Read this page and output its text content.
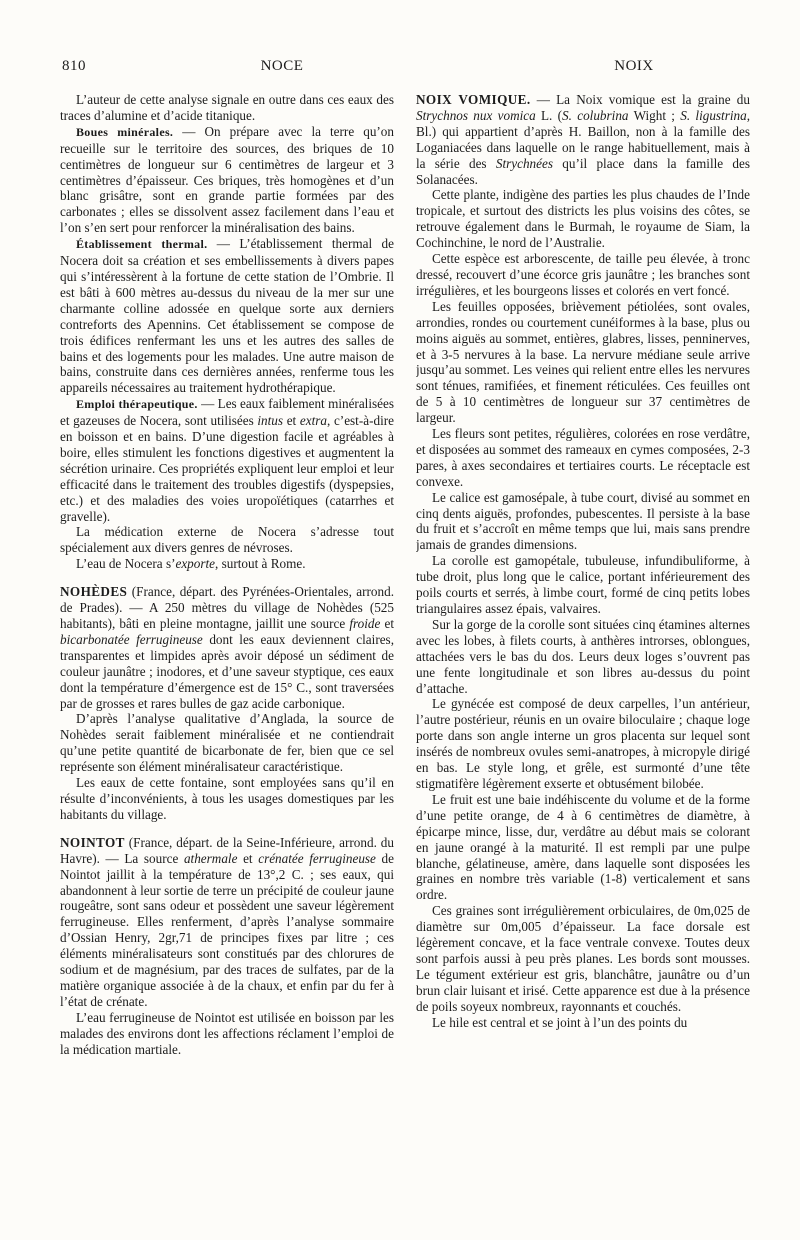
810	NOCE	NOIX

L’auteur de cette analyse signale en outre dans ces eaux des traces d’alumine et d’acide titanique.

Boues minérales. — On prépare avec la terre qu’on recueille sur le territoire des sources, des briques de 10 centimètres de longueur sur 6 centimètres de largeur et 3 centimètres d’épaisseur. Ces briques, très homogènes et d’un blanc grisâtre, sont en grande partie formées par des carbonates ; elles se dissolvent assez facilement dans l’eau et l’on s’en sert pour renforcer la minéralisation des bains.

Établissement thermal. — L’établissement thermal de Nocera doit sa création et ses embellissements à divers papes qui s’intéressèrent à la fortune de cette station de l’Ombrie. Il est bâti à 600 mètres au-dessus du niveau de la mer sur une charmante colline adossée en quelque sorte aux derniers contreforts des Apennins. Cet établissement se compose de trois édifices renfermant les uns et les autres des salles de bains et des logements pour les malades. Une autre maison de bains, construite dans ces dernières années, renferme tous les appareils nécessaires au traitement hydrothérapique.

Emploi thérapeutique. — Les eaux faiblement minéralisées et gazeuses de Nocera, sont utilisées intus et extra, c’est-à-dire en boisson et en bains. D’une digestion facile et agréables à boire, elles stimulent les fonctions digestives et augmentent la sécrétion urinaire. Ces propriétés expliquent leur emploi et leur efficacité dans le traitement des troubles digestifs (dyspepsies, etc.) et des maladies des voies uropoïétiques (catarrhes et gravelle).

La médication externe de Nocera s’adresse tout spécialement aux divers genres de névroses.

L’eau de Nocera s’exporte, surtout à Rome.

NOHÈDES (France, départ. des Pyrénées-Orientales, arrond. de Prades). — A 250 mètres du village de Nohèdes (525 habitants), bâti en pleine montagne, jaillit une source froide et bicarbonatée ferrugineuse dont les eaux deviennent claires, transparentes et limpides après avoir déposé un sédiment de couleur jaunâtre ; inodores, et d’une saveur styptique, ces eaux dont la température d’émergence est de 15° C., sont traversées par de grosses et rares bulles de gaz acide carbonique.

D’après l’analyse qualitative d’Anglada, la source de Nohèdes serait faiblement minéralisée et ne contiendrait qu’une petite quantité de bicarbonate de fer, bien que ce sel représente son élément minéralisateur caractéristique.

Les eaux de cette fontaine, sont employées sans qu’il en résulte d’inconvénients, à tous les usages domestiques par les habitants du village.

NOINTOT (France, départ. de la Seine-Inférieure, arrond. du Havre). — La source athermale et crénatée ferrugineuse de Nointot jaillit à la température de 13°,2 C. ; ses eaux, qui abandonnent à leur sortie de terre un précipité de couleur jaune rougeâtre, sont sans odeur et possèdent une saveur légèrement ferrugineuse. Elles renferment, d’après l’analyse sommaire d’Ossian Henry, 2gr,71 de principes fixes par litre ; ces éléments minéralisateurs sont constitués par des chlorures de sodium et de magnésium, par des traces de sulfates, par de la matière organique associée à de la chaux, et enfin par du fer à l’état de crénate.

L’eau ferrugineuse de Nointot est utilisée en boisson par les malades des environs dont les affections réclament l’emploi de la médication martiale.

NOIX VOMIQUE. — La Noix vomique est la graine du Strychnos nux vomica L. (S. colubrina Wight ; S. ligustrina, Bl.) qui appartient d’après H. Baillon, non à la famille des Loganiacées dans laquelle on le range habituellement, mais à la série des Strychnées qu’il place dans la famille des Solanacées.

Cette plante, indigène des parties les plus chaudes de l’Inde tropicale, et surtout des districts les plus voisins des côtes, se retrouve également dans le Burmah, le royaume de Siam, la Cochinchine, le nord de l’Australie.

Cette espèce est arborescente, de taille peu élevée, à tronc dressé, recouvert d’une écorce gris jaunâtre ; les branches sont irrégulières, et les bourgeons lisses et colorés en vert foncé.

Les feuilles opposées, brièvement pétiolées, sont ovales, arrondies, rondes ou courtement cunéiformes à la base, plus ou moins aiguës au sommet, entières, glabres, lisses, penninerves, et à 3-5 nervures à la base. La nervure médiane seule arrive jusqu’au sommet. Les veines qui relient entre elles les nervures sont ténues, ramifiées, et finement réticulées. Ces feuilles ont de 5 à 10 centimètres de longueur sur 37 centimètres de largeur.

Les fleurs sont petites, régulières, colorées en rose verdâtre, et disposées au sommet des rameaux en cymes composées, 2-3 pares, à axes secondaires et tertiaires courts. Le réceptacle est convexe.

Le calice est gamosépale, à tube court, divisé au sommet en cinq dents aiguës, profondes, pubescentes. Il persiste à la base du fruit et s’accroît en même temps que lui, mais sans prendre jamais de grandes dimensions.

La corolle est gamopétale, tubuleuse, infundibuliforme, à tube droit, plus long que le calice, portant inférieurement des poils courts et serrés, à limbe court, formé de cinq petits lobes triangulaires assez épais, valvaires.

Sur la gorge de la corolle sont situées cinq étamines alternes avec les lobes, à filets courts, à anthères introrses, oblongues, attachées vers le bas du dos. Leurs deux loges s’ouvrent pas une fente longitudinale et son libres au-dessus du point d’attache.

Le gynécée est composé de deux carpelles, l’un antérieur, l’autre postérieur, réunis en un ovaire biloculaire ; chaque loge porte dans son angle interne un gros placenta sur lequel sont insérés de nombreux ovules semi-anatropes, à micropyle dirigé en bas. Le style long, et grêle, est surmonté d’une tête stigmatifère légèrement exserte et obtusément bilobée.

Le fruit est une baie indéhiscente du volume et de la forme d’une petite orange, de 4 à 6 centimètres de diamètre, à épicarpe mince, lisse, dur, verdâtre au début mais se colorant en jaune orangé à la maturité. Il est rempli par une pulpe blanche, gélatineuse, amère, dans laquelle sont disposées les graines en nombre très variable (1-8) verticalement et sans ordre.

Ces graines sont irrégulièrement orbiculaires, de 0m,025 de diamètre sur 0m,005 d’épaisseur. La face dorsale est légèrement concave, et la face ventrale convexe. Toutes deux sont parfois aussi à peu près planes. Les bords sont mousses. Le tégument extérieur est gris, blanchâtre, jaunâtre ou d’un brun clair luisant et irisé. Cette apparence est due à la présence de poils soyeux nombreux, rayonnants et couchés.

Le hile est central et se joint à l’un des points du
